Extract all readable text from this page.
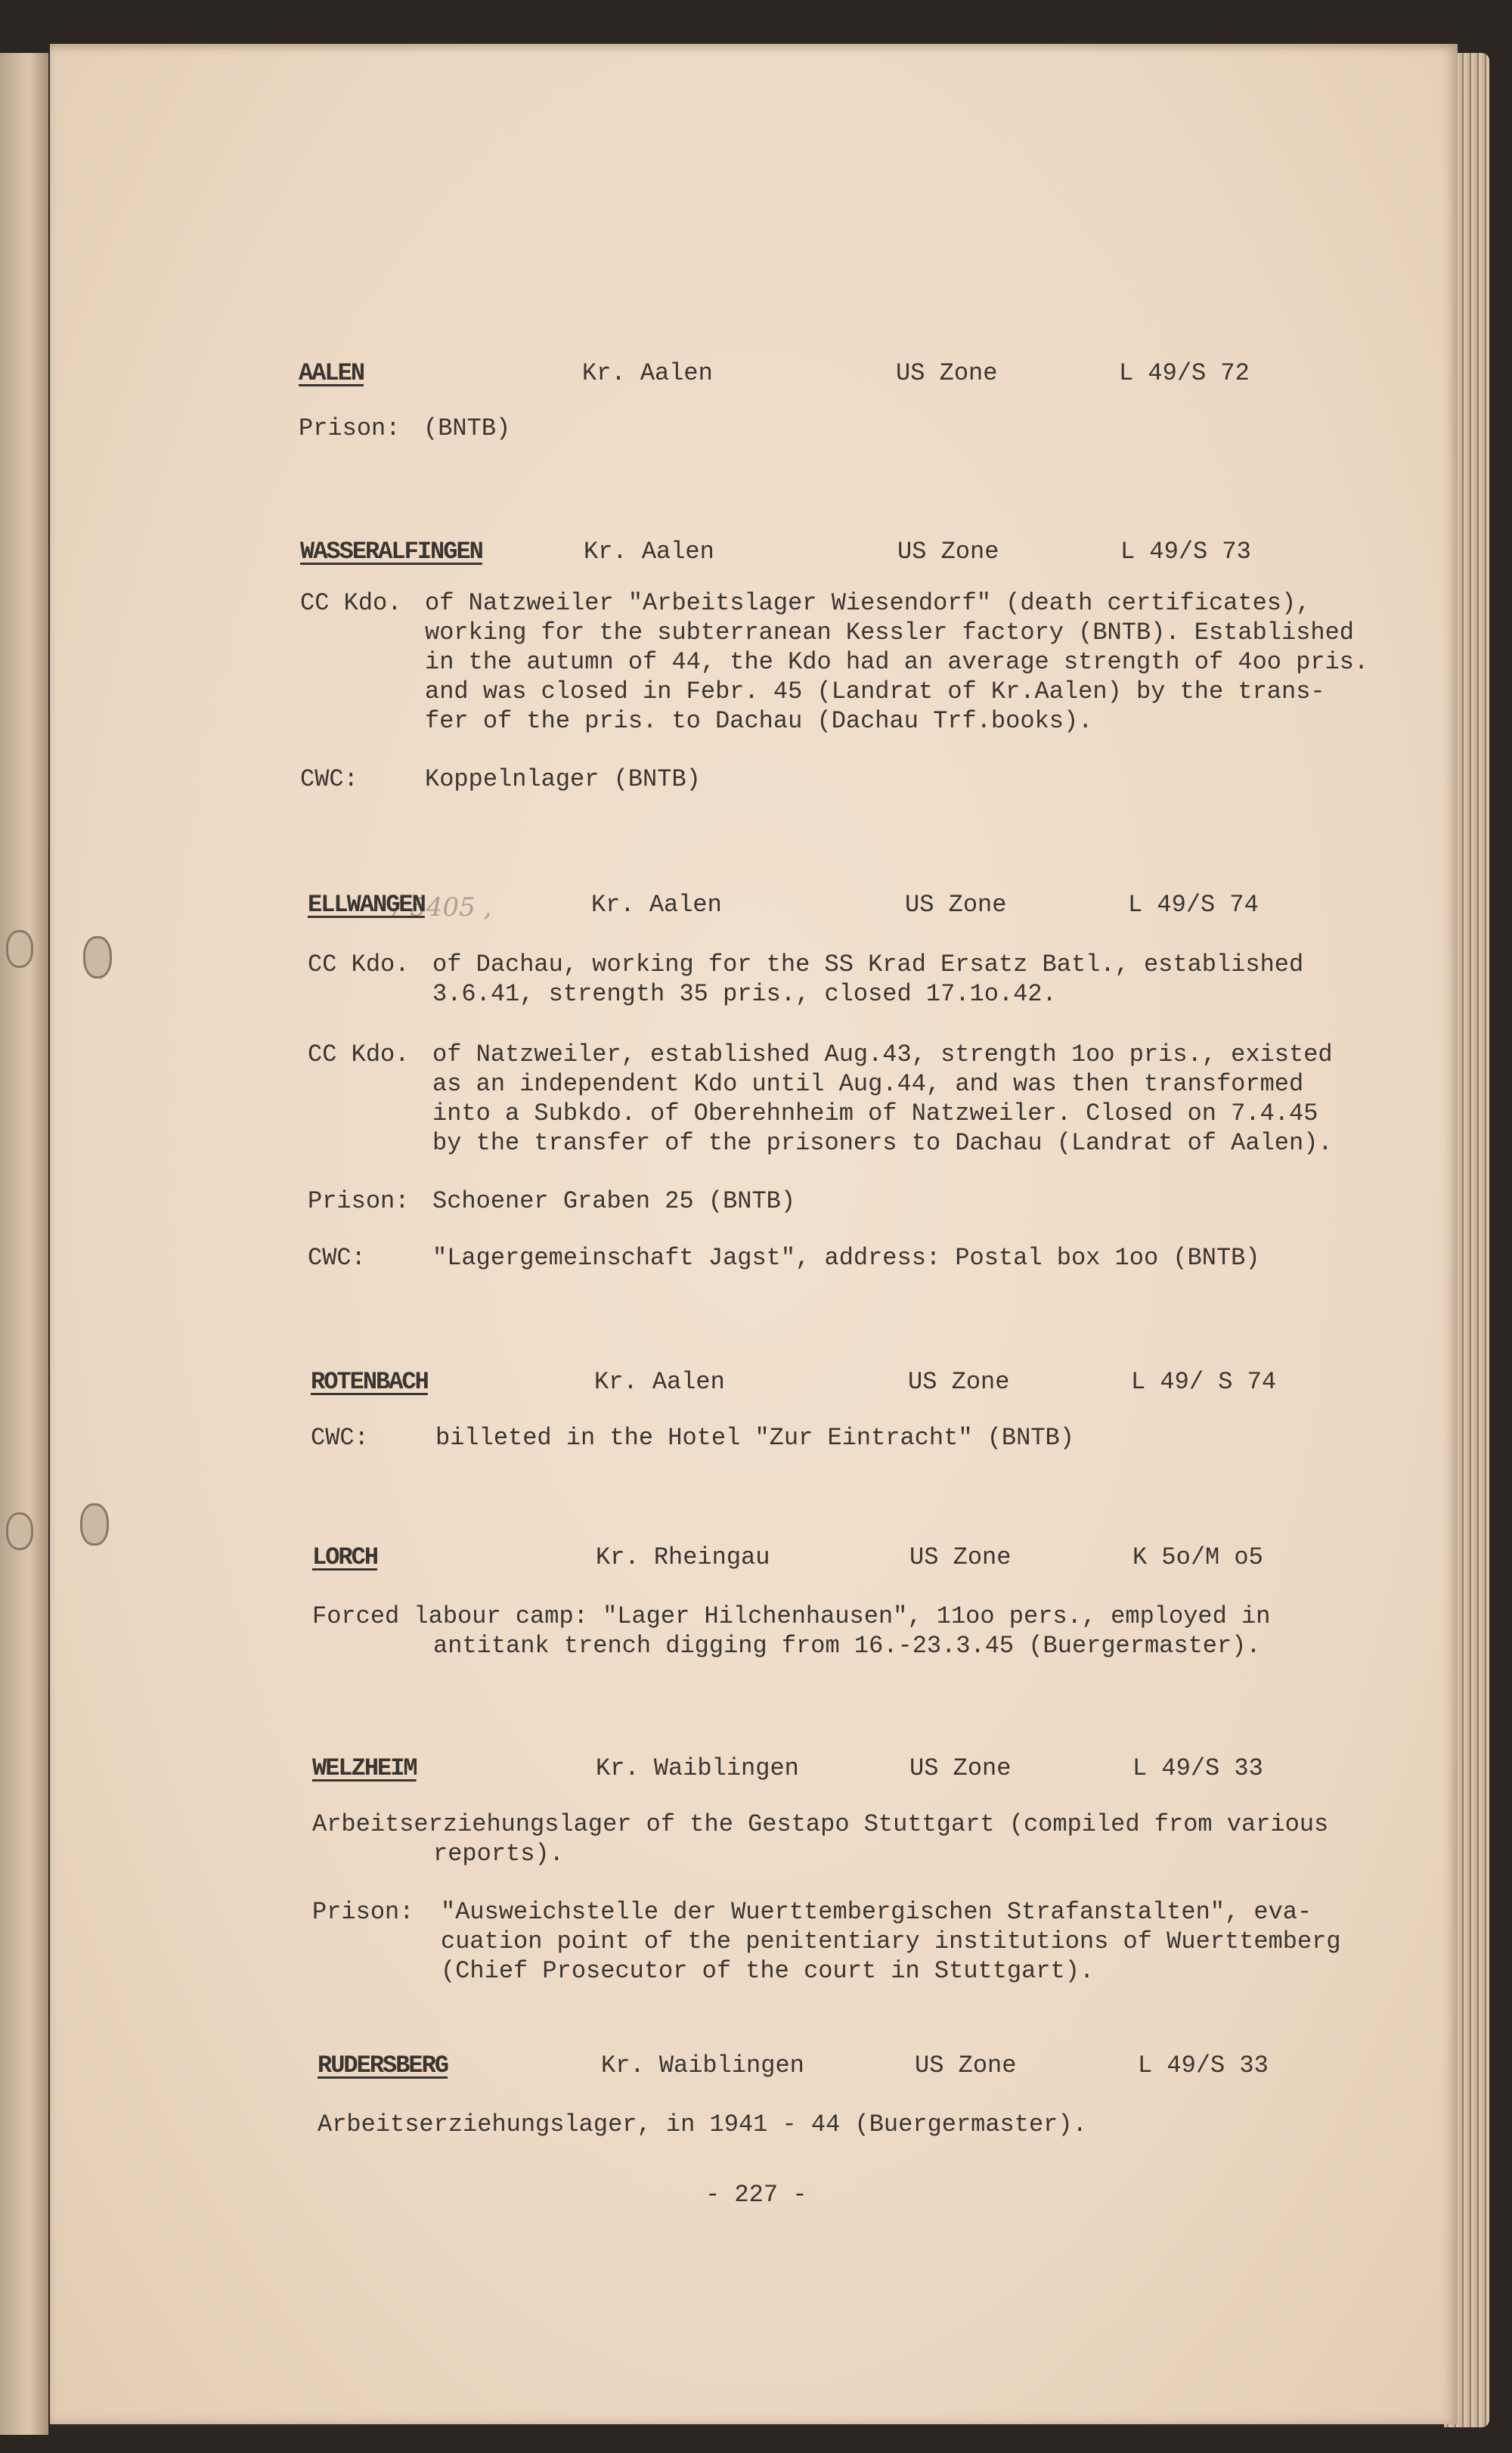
/ 5405 ,
AALEN	Kr. Aalen	US Zone	L 49/S 72
Prison: (BNTB)
WASSERALFINGEN	Kr. Aalen	US Zone	L 49/S 73
CC Kdo. of Natzweiler "Arbeitslager Wiesendorf" (death certificates),
working for the subterranean Kessler factory (BNTB). Established
in the autumn of 44, the Kdo had an average strength of 4oo pris.
and was closed in Febr. 45 (Landrat of Kr.Aalen) by the trans-
fer of the pris. to Dachau (Dachau Trf.books).
CWC:	Koppelnlager (BNTB)
ELLWANGEN	Kr. Aalen	US Zone	L 49/S 74
CC Kdo. of Dachau, working for the SS Krad Ersatz Batl., established
3.6.41, strength 35 pris., closed 17.1o.42.
CC Kdo. of Natzweiler, established Aug.43, strength 1oo pris., existed
as an independent Kdo until Aug.44, and was then transformed
into a Subkdo. of Oberehnheim of Natzweiler. Closed on 7.4.45
by the transfer of the prisoners to Dachau (Landrat of Aalen).
Prison: Schoener Graben 25 (BNTB)
CWC:	"Lagergemeinschaft Jagst", address: Postal box 1oo (BNTB)
ROTENBACH	Kr. Aalen	US Zone	L 49/ S 74
CWC:	billeted in the Hotel "Zur Eintracht" (BNTB)
LORCH	Kr. Rheingau	US Zone	K 5o/M o5
Forced labour camp: "Lager Hilchenhausen", 11oo pers., employed in
antitank trench digging from 16.-23.3.45 (Buergermaster).
WELZHEIM	Kr. Waiblingen	US Zone	L 49/S 33
Arbeitserziehungslager of the Gestapo Stuttgart (compiled from various
reports).
Prison: "Ausweichstelle der Wuerttembergischen Strafanstalten", eva-
cuation point of the penitentiary institutions of Wuerttemberg
(Chief Prosecutor of the court in Stuttgart).
RUDERSBERG	Kr. Waiblingen	US Zone	L 49/S 33
Arbeitserziehungslager, in 1941 - 44 (Buergermaster).
- 227 -
